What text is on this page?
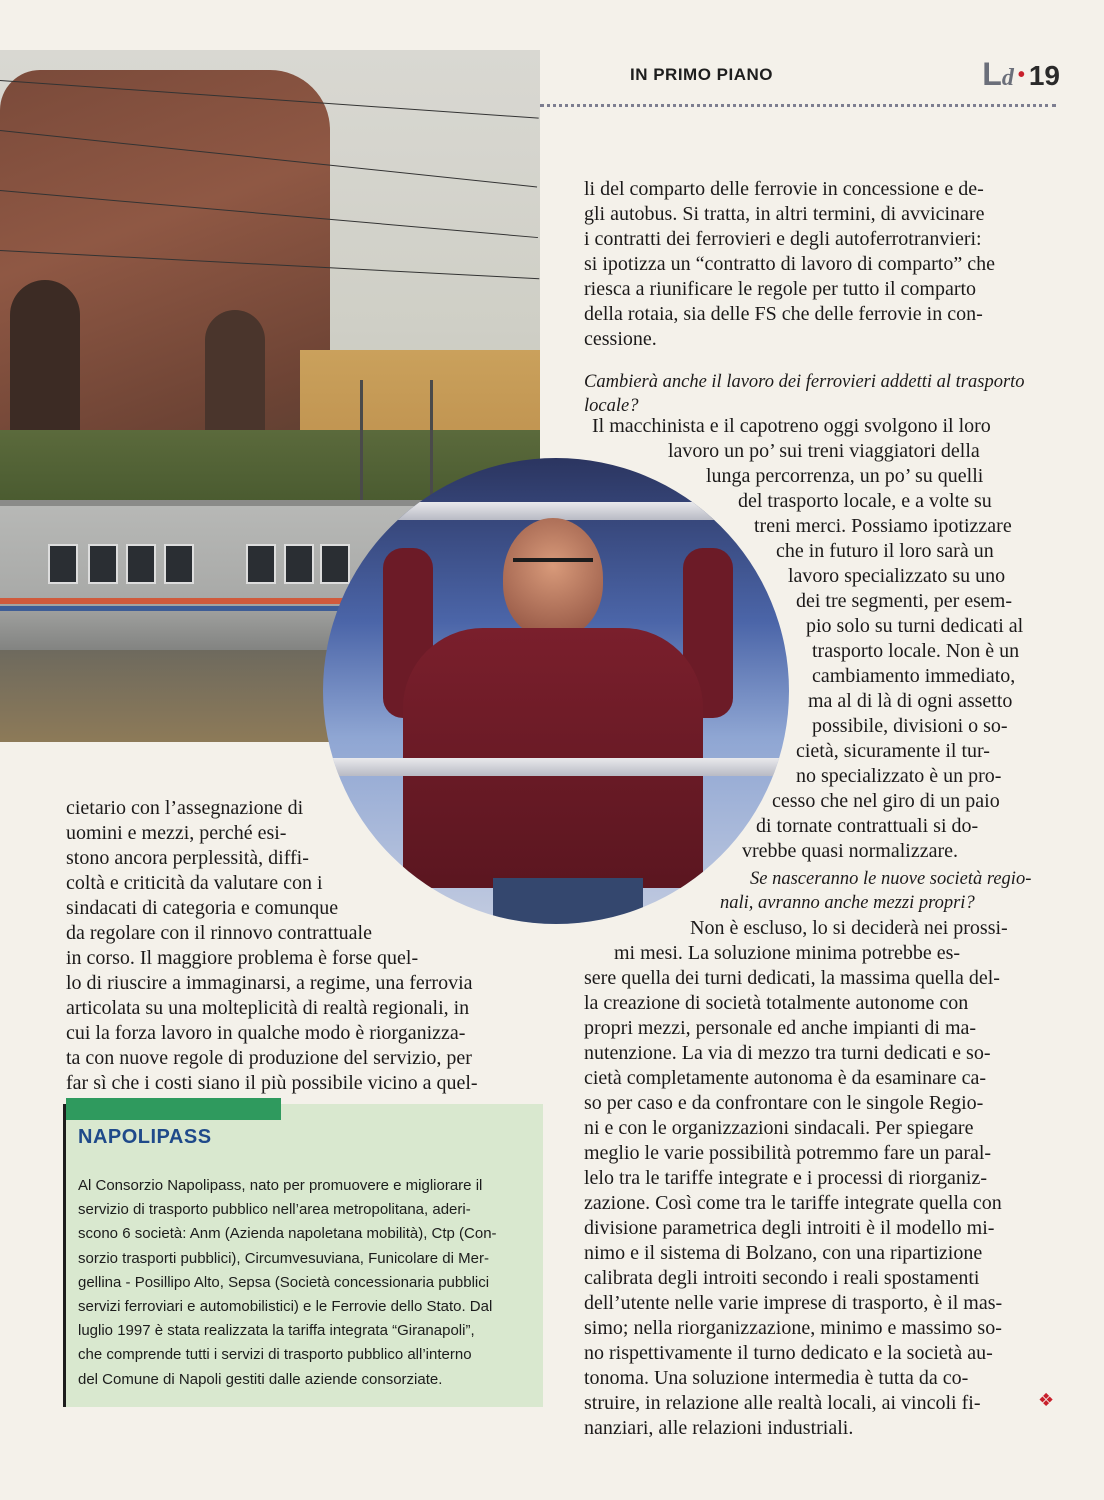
IN PRIMO PIANO	Ld • 19
li del comparto delle ferrovie in concessione e de-
gli autobus. Si tratta, in altri termini, di avvicinare
i contratti dei ferrovieri e degli autoferrotranvieri:
si ipotizza un “contratto di lavoro di comparto” che
riesca a riunificare le regole per tutto il comparto
della rotaia, sia delle FS che delle ferrovie in con-
cessione.
Cambierà anche il lavoro dei ferrovieri addetti al trasporto
locale?
Il macchinista e il capotreno oggi svolgono il loro
lavoro un po’ sui treni viaggiatori della
lunga percorrenza, un po’ su quelli
del trasporto locale, e a volte su
treni merci. Possiamo ipotizzare
che in futuro il loro sarà un
lavoro specializzato su uno
dei tre segmenti, per esem-
pio solo su turni dedicati al
trasporto locale. Non è un
cambiamento immediato,
ma al di là di ogni assetto
possibile, divisioni o so-
cietà, sicuramente il tur-
no specializzato è un pro-
cesso che nel giro di un paio
di tornate contrattuali si do-
vrebbe quasi normalizzare.
Se nasceranno le nuove società regio-
nali, avranno anche mezzi propri?
Non è escluso, lo si deciderà nei prossi-
mi mesi. La soluzione minima potrebbe es-
sere quella dei turni dedicati, la massima quella del-
la creazione di società totalmente autonome con
propri mezzi, personale ed anche impianti di ma-
nutenzione. La via di mezzo tra turni dedicati e so-
cietà completamente autonoma è da esaminare ca-
so per caso e da confrontare con le singole Regio-
ni e con le organizzazioni sindacali. Per spiegare
meglio le varie possibilità potremmo fare un paral-
lelo tra le tariffe integrate e i processi di riorganiz-
zazione. Così come tra le tariffe integrate quella con
divisione parametrica degli introiti è il modello mi-
nimo e il sistema di Bolzano, con una ripartizione
calibrata degli introiti secondo i reali spostamenti
dell’utente nelle varie imprese di trasporto, è il mas-
simo; nella riorganizzazione, minimo e massimo so-
no rispettivamente il turno dedicato e la società au-
tonoma. Una soluzione intermedia è tutta da co-
struire, in relazione alle realtà locali, ai vincoli fi-
nanziari, alle relazioni industriali.
cietario con l’assegnazione di
uomini e mezzi, perché esi-
stono ancora perplessità, diffi-
coltà e criticità da valutare con i
sindacati di categoria e comunque
da regolare con il rinnovo contrattuale
in corso. Il maggiore problema è forse quel-
lo di riuscire a immaginarsi, a regime, una ferrovia
articolata su una molteplicità di realtà regionali, in
cui la forza lavoro in qualche modo è riorganizza-
ta con nuove regole di produzione del servizio, per
far sì che i costi siano il più possibile vicino a quel-
NAPOLIPASS
Al Consorzio Napolipass, nato per promuovere e migliorare il
servizio di trasporto pubblico nell’area metropolitana, aderi-
scono 6 società: Anm (Azienda napoletana mobilità), Ctp (Con-
sorzio trasporti pubblici), Circumvesuviana, Funicolare di Mer-
gellina - Posillipo Alto, Sepsa (Società concessionaria pubblici
servizi ferroviari e automobilistici) e le Ferrovie dello Stato. Dal
luglio 1997 è stata realizzata la tariffa integrata “Giranapoli”,
che comprende tutti i servizi di trasporto pubblico all’interno
del Comune di Napoli gestiti dalle aziende consorziate.
❖
